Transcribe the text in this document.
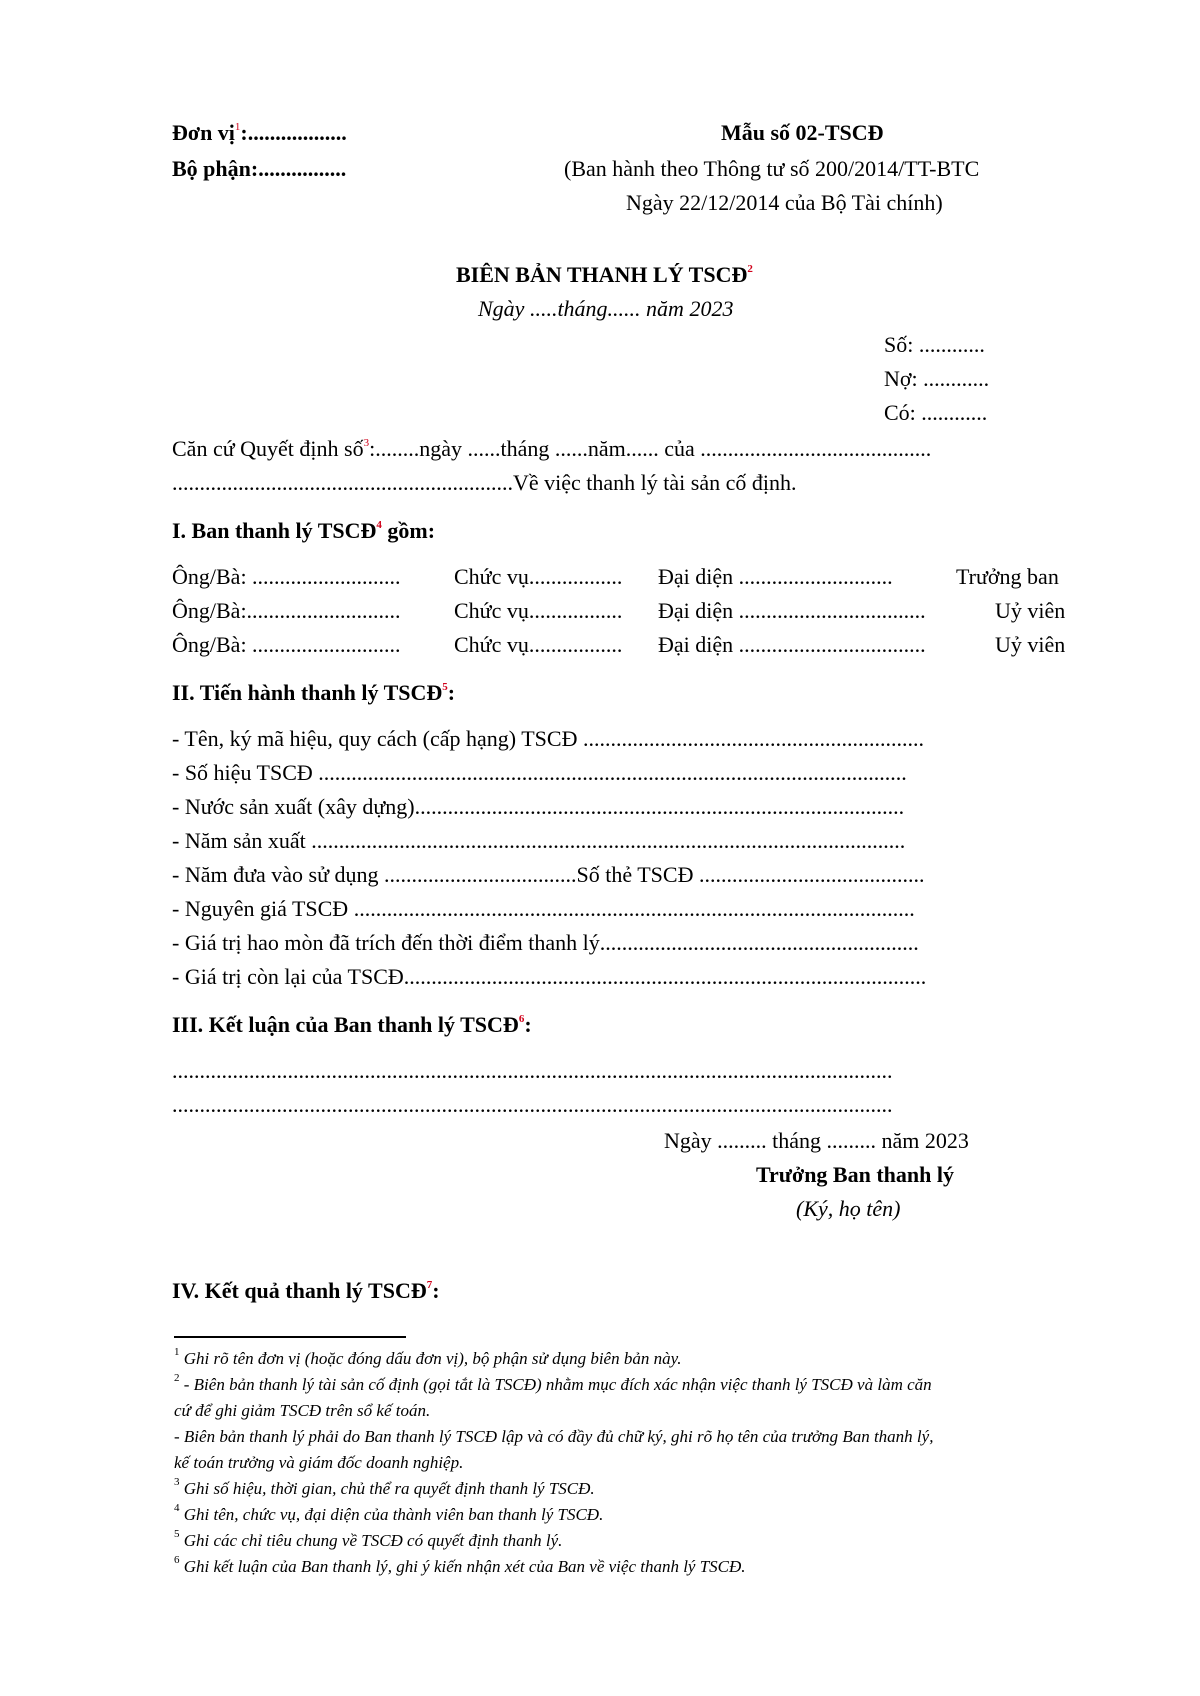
Đơn vị$^1$:..................
Bộ phận:................
Mẫu số 02-TSCĐ
(Ban hành theo Thông tư số 200/2014/TT-BTC
Ngày 22/12/2014 của Bộ Tài chính)
BIÊN BẢN THANH LÝ TSCĐ$^2$
Ngày .....tháng...... năm 2023
Số: ............
Nợ: ............
Có: ............
Căn cứ Quyết định số$^3$:........ngày ......tháng ......năm...... của ..........................................
..............................................................Về việc thanh lý tài sản cố định.
I. Ban thanh lý TSCĐ$^4$ gồm:
Ông/Bà: ........................... Chức vụ................. Đại diện ............................	Trưởng ban
Ông/Bà:............................ Chức vụ................. Đại diện ..................................	Uỷ viên
Ông/Bà: ........................... Chức vụ................. Đại diện ..................................	Uỷ viên
II. Tiến hành thanh lý TSCĐ$^5$:
- Tên, ký mã hiệu, quy cách (cấp hạng) TSCĐ ..............................................................
- Số hiệu TSCĐ ...........................................................................................................
- Nước sản xuất (xây dựng).........................................................................................
- Năm sản xuất ............................................................................................................
- Năm đưa vào sử dụng ...................................Số thẻ TSCĐ .........................................
- Nguyên giá TSCĐ ......................................................................................................
- Giá trị hao mòn đã trích đến thời điểm thanh lý..........................................................
- Giá trị còn lại của TSCĐ...............................................................................................
III. Kết luận của Ban thanh lý TSCĐ$^6$:
...................................................................................................................................
...................................................................................................................................
Ngày ......... tháng ......... năm 2023
Trưởng Ban thanh lý
(Ký, họ tên)
IV. Kết quả thanh lý TSCĐ$^7$:
$^1$ Ghi rõ tên đơn vị (hoặc đóng dấu đơn vị), bộ phận sử dụng biên bản này.
$^2$ - Biên bản thanh lý tài sản cố định (gọi tắt là TSCĐ) nhằm mục đích xác nhận việc thanh lý TSCĐ và làm căn
cứ để ghi giảm TSCĐ trên sổ kế toán.
- Biên bản thanh lý phải do Ban thanh lý TSCĐ lập và có đầy đủ chữ ký, ghi rõ họ tên của trưởng Ban thanh lý,
kế toán trưởng và giám đốc doanh nghiệp.
$^3$ Ghi số hiệu, thời gian, chủ thể ra quyết định thanh lý TSCĐ.
$^4$ Ghi tên, chức vụ, đại diện của thành viên ban thanh lý TSCĐ.
$^5$ Ghi các chỉ tiêu chung về TSCĐ có quyết định thanh lý.
$^6$ Ghi kết luận của Ban thanh lý, ghi ý kiến nhận xét của Ban về việc thanh lý TSCĐ.
